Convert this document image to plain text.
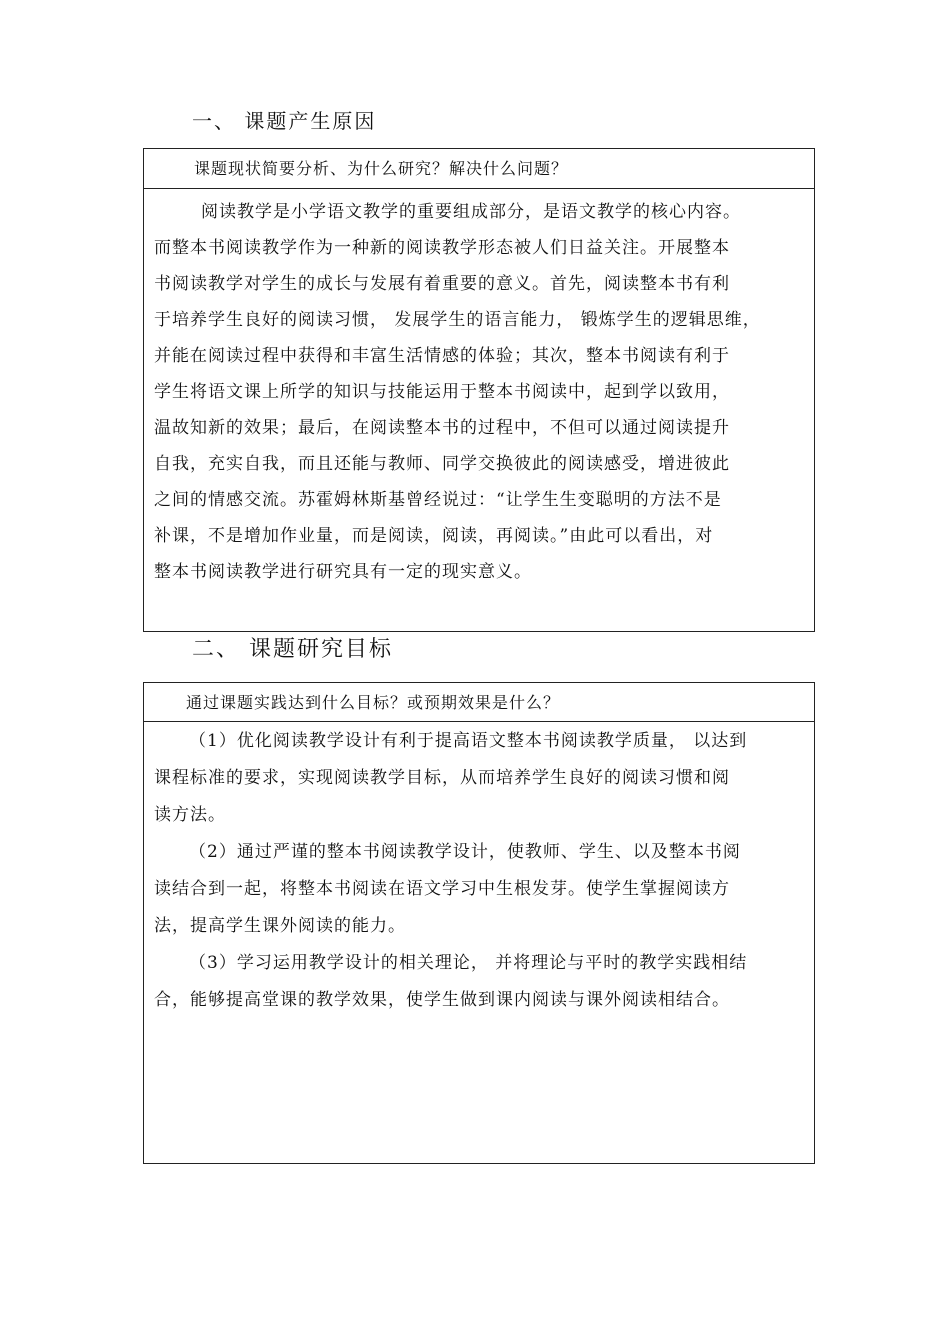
一、 课题产生原因
课题现状简要分析、为什么研究？解决什么问题？
阅读教学是小学语文教学的重要组成部分，是语文教学的核心内容。
而整本书阅读教学作为一种新的阅读教学形态被人们日益关注。开展整本
书阅读教学对学生的成长与发展有着重要的意义。首先，阅读整本书有利
于培养学生良好的阅读习惯， 发展学生的语言能力， 锻炼学生的逻辑思维，
并能在阅读过程中获得和丰富生活情感的体验；其次，整本书阅读有利于
学生将语文课上所学的知识与技能运用于整本书阅读中，起到学以致用，
温故知新的效果；最后，在阅读整本书的过程中，不但可以通过阅读提升
自我，充实自我，而且还能与教师、同学交换彼此的阅读感受，增进彼此
之间的情感交流。苏霍姆林斯基曾经说过：“让学生生变聪明的方法不是
补课，不是增加作业量，而是阅读，阅读，再阅读。”由此可以看出，对
整本书阅读教学进行研究具有一定的现实意义。
二、 课题研究目标
通过课题实践达到什么目标？或预期效果是什么？
（1）优化阅读教学设计有利于提高语文整本书阅读教学质量， 以达到
课程标准的要求，实现阅读教学目标，从而培养学生良好的阅读习惯和阅
读方法。
（2）通过严谨的整本书阅读教学设计，使教师、学生、以及整本书阅
读结合到一起，将整本书阅读在语文学习中生根发芽。使学生掌握阅读方
法，提高学生课外阅读的能力。
（3）学习运用教学设计的相关理论， 并将理论与平时的教学实践相结
合，能够提高堂课的教学效果，使学生做到课内阅读与课外阅读相结合。
